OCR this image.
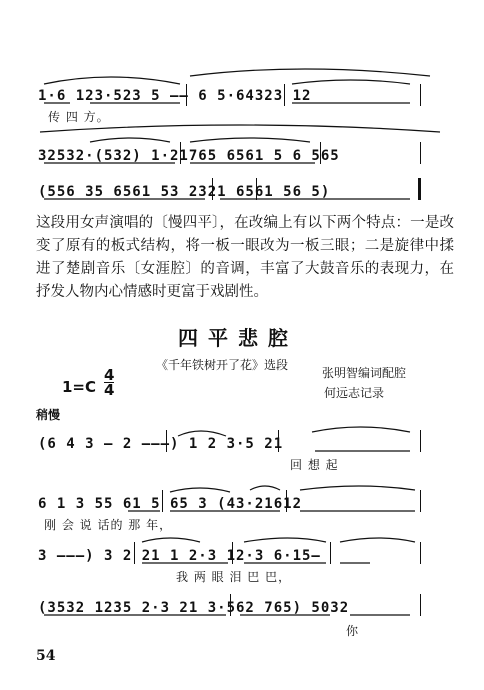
1·6 123·523 5 —— 6 5·64323 12
传 四 方。
32532·(532) 1·21765 6561 5 6 565
(556 35 6561 53 2321 6561 56 5)
这段用女声演唱的〔慢四平〕，在改编上有以下两个特点：一是改变了原有的板式结构，将一板一眼改为一板三眼；二是旋律中揉进了楚剧音乐〔女涯腔〕的音调，丰富了大鼓音乐的表现力，在抒发人物内心情感时更富于戏剧性。
四平悲腔
《千年铁树开了花》选段
1=C
4
4
张明智编词配腔
何远志记录
稍慢
(6 4 3 — 2 ———) 1 2 3·5 21
回 想 起
6 1 3 55 61 5 65 3 (43·21612
刚 会 说 话的 那 年，
3 ———) 3 2 21 1 2·3 12·3 6·15—
我 两 眼 泪 巴 巴，
(3532 1235 2·3 21 3·562 765) 5032
你
54
